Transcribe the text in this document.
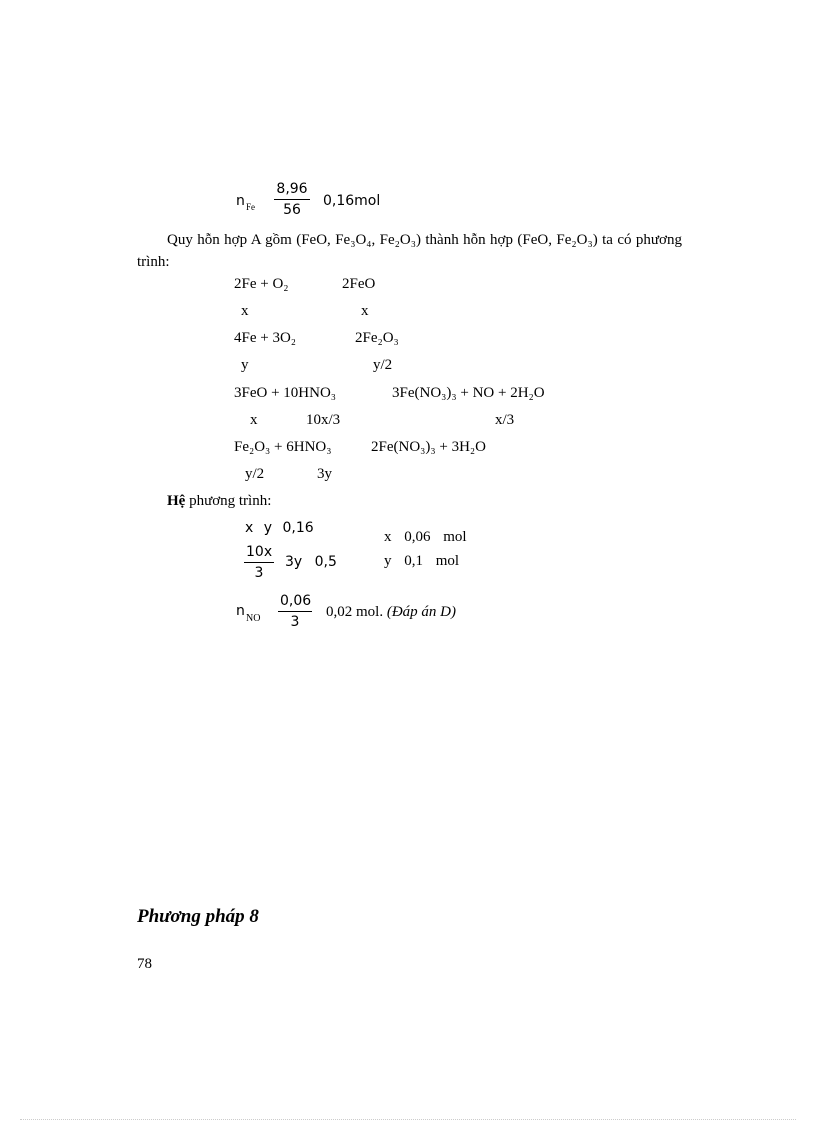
n Fe $\frac{8,96}{56} 0,16mol$
Quy hỗn hợp A gồm (FeO, Fe₃O₄, Fe₂O₃) thành hỗn hợp (FeO, Fe₂O₃) ta có phương trình:
2Fe + O₂	2FeO
x	x
4Fe + 3O₂	2Fe₂O₃
y	y/2
3FeO + 10HNO₃	3Fe(NO₃)₃ + NO + 2H₂O
x	10x/3	x/3
Fe₂O₃ + 6HNO₃	2Fe(NO₃)₃ + 3H₂O
y/2	3y
Hệ phương trình:
x y 0,16
$\frac{10x}{3} 3y$ 0,5
x 0,06 mol
y 0,1 mol
n NO $\frac{0,06}{3} 0,02$ mol. (Đáp án D)
Phương pháp 8
78
